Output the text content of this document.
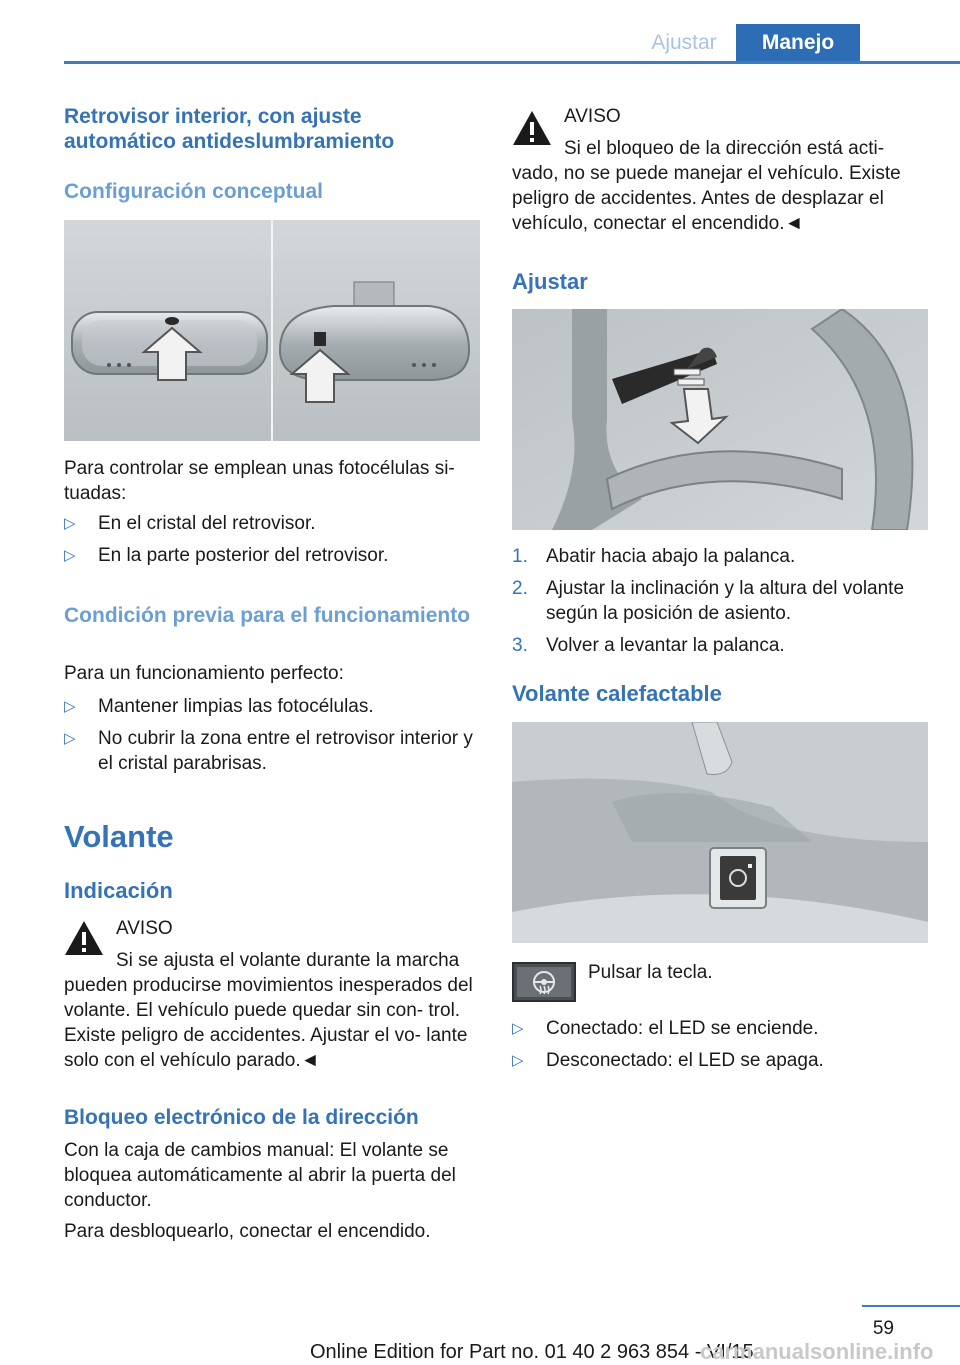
Ajustar	Manejo
Retrovisor interior, con ajuste automático antideslumbramiento
Configuración conceptual
Para controlar se emplean unas fotocélulas si‐ tuadas:
▷ En el cristal del retrovisor.
▷ En la parte posterior del retrovisor.
Condición previa para el funcionamiento
Para un funcionamiento perfecto:
▷ Mantener limpias las fotocélulas.
▷ No cubrir la zona entre el retrovisor interior y el cristal parabrisas.
Volante
Indicación
AVISO
Si se ajusta el volante durante la marcha pueden producirse movimientos inesperados del volante. El vehículo puede quedar sin con‐ trol. Existe peligro de accidentes. Ajustar el vo‐ lante solo con el vehículo parado.◄
Bloqueo electrónico de la dirección
Con la caja de cambios manual: El volante se bloquea automáticamente al abrir la puerta del conductor.
Para desbloquearlo, conectar el encendido.
AVISO
Si el bloqueo de la dirección está acti‐ vado, no se puede manejar el vehículo. Existe peligro de accidentes. Antes de desplazar el vehículo, conectar el encendido.◄
Ajustar
1. Abatir hacia abajo la palanca.
2. Ajustar la inclinación y la altura del volante según la posición de asiento.
3. Volver a levantar la palanca.
Volante calefactable
Pulsar la tecla.
▷ Conectado: el LED se enciende.
▷ Desconectado: el LED se apaga.
59
Online Edition for Part no. 01 40 2 963 854 - VI/15
carmanualsonline.info
